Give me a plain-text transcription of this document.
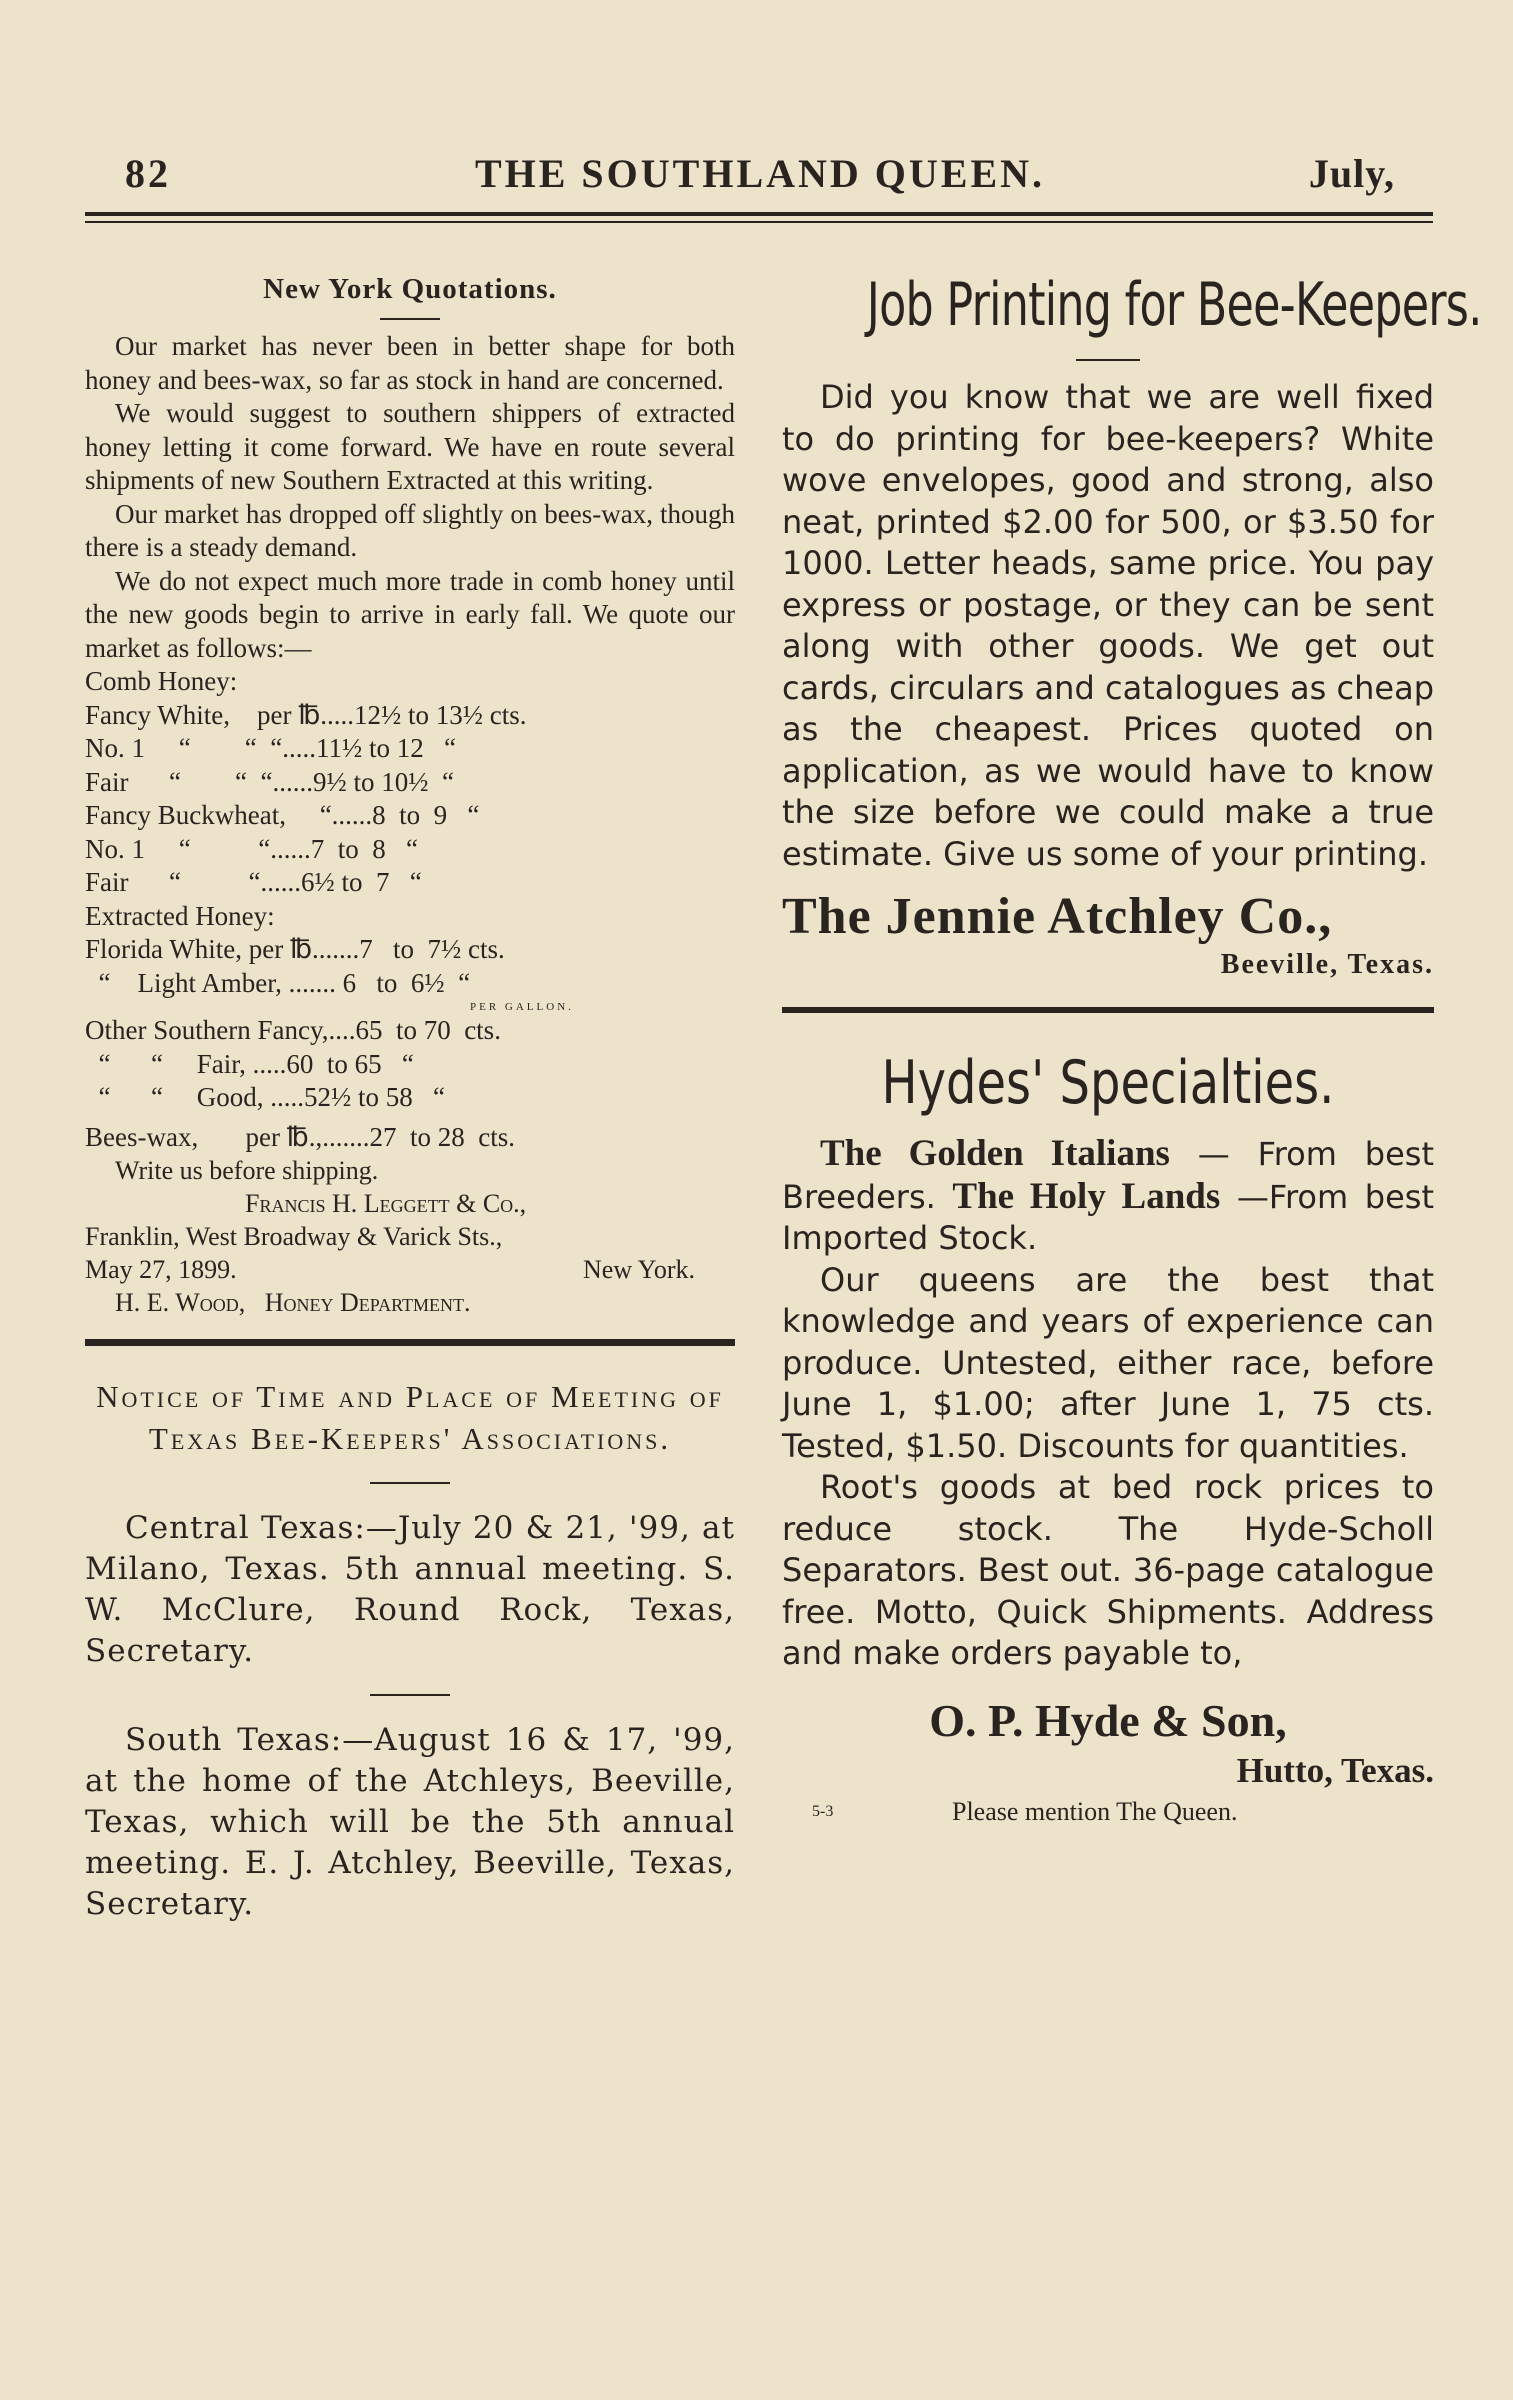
82	THE SOUTHLAND QUEEN.	July,
New York Quotations.

Our market has never been in better shape for both honey and bees-wax, so far as stock in hand are concerned.

We would suggest to southern shippers of extracted honey letting it come forward. We have en route several shipments of new Southern Extracted at this writing.

Our market has dropped off slightly on bees-wax, though there is a steady demand.

We do not expect much more trade in comb honey until the new goods begin to arrive in early fall. We quote our market as follows:—

Comb Honey:
Fancy White,    per ℔.....12½ to 13½ cts.
No. 1     “        “  “.....11½ to 12   “
Fair      “        “  “......9½ to 10½  “
Fancy Buckwheat,     “......8  to  9   “
No. 1     “          “......7  to  8   “
Fair      “          “......6½ to  7   “
Extracted Honey:
Florida White, per ℔.......7   to  7½ cts.
“    Light Amber, ....... 6   to  6½  “
PER GALLON.
Other Southern Fancy,....65  to 70  cts.
“      “     Fair, .....60  to 65   “
“      “     Good, .....52½ to 58   “
Bees-wax,       per ℔.,.......27  to 28  cts.
Write us before shipping.
Francis H. Leggett & Co.,
Franklin, West Broadway & Varick Sts.,
May 27, 1899.	New York.
H. E. Wood,   Honey Department.
Notice of Time and Place of Meeting of Texas Bee-Keepers' Associations.

Central Texas:—July 20 & 21, '99, at Milano, Texas. 5th annual meeting. S. W. McClure, Round Rock, Texas, Secretary.

South Texas:—August 16 & 17, '99, at the home of the Atchleys, Beeville, Texas, which will be the 5th annual meeting. E. J. Atchley, Beeville, Texas, Secretary.

Job Printing for Bee-Keepers.

Did you know that we are well fixed to do printing for bee-keepers? White wove envelopes, good and strong, also neat, printed $2.00 for 500, or $3.50 for 1000. Letter heads, same price. You pay express or postage, or they can be sent along with other goods. We get out cards, circulars and catalogues as cheap as the cheapest. Prices quoted on application, as we would have to know the size before we could make a true estimate. Give us some of your printing.

The Jennie Atchley Co.,
Beeville, Texas.
Hydes' Specialties.

The Golden Italians — From best Breeders. The Holy Lands —From best Imported Stock.

Our queens are the best that knowledge and years of experience can produce. Untested, either race, before June 1, $1.00; after June 1, 75 cts. Tested, $1.50. Discounts for quantities.

Root's goods at bed rock prices to reduce stock. The Hyde-Scholl Separators. Best out. 36-page catalogue free. Motto, Quick Shipments. Address and make orders payable to,

O. P. Hyde & Son,
Hutto, Texas.
5-3	Please mention The Queen.
